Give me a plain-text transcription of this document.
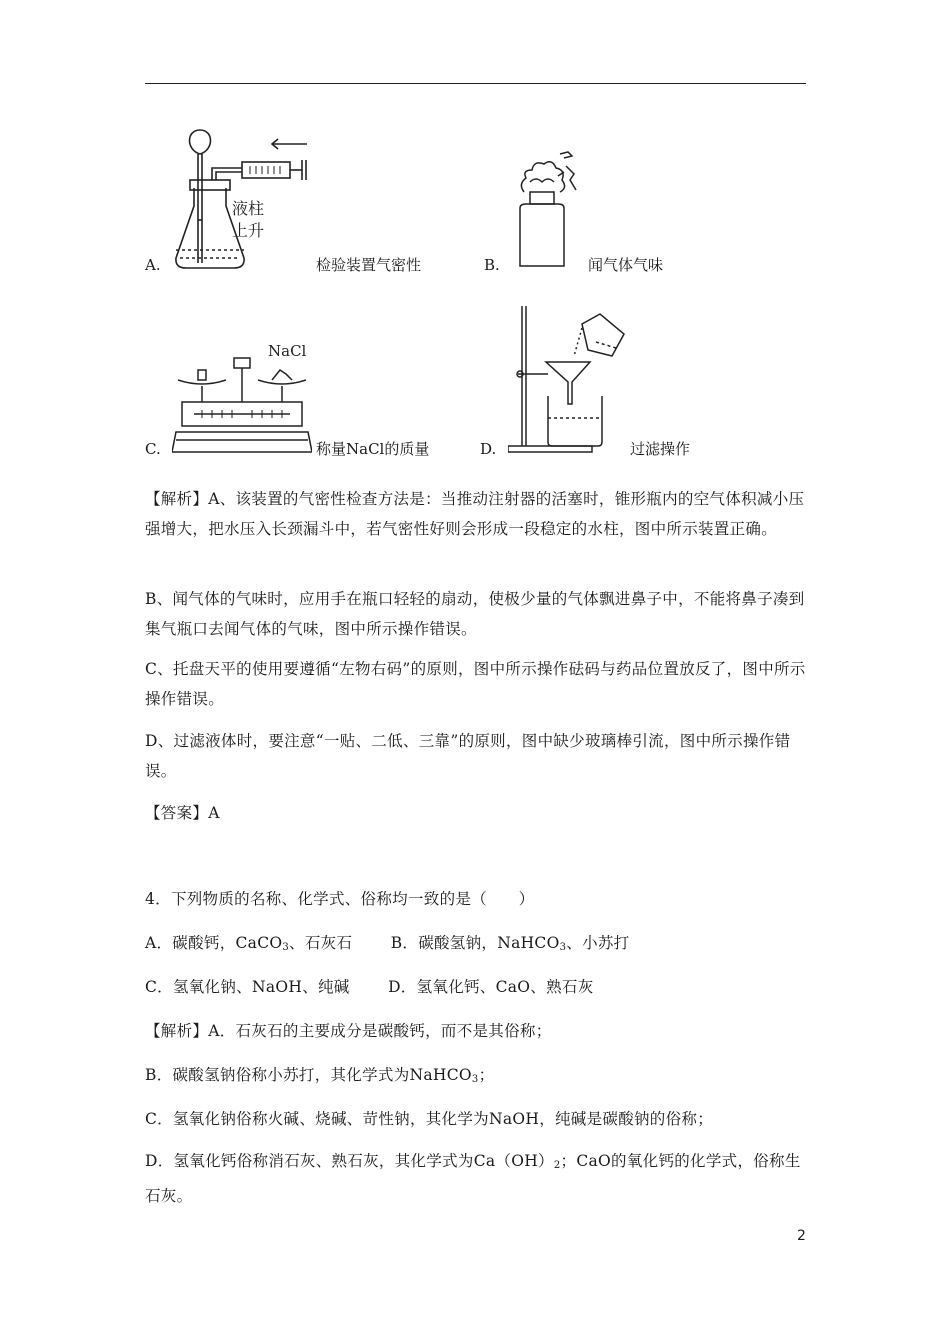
A.
液柱
上升
检验装置气密性	B.	闻气体气味
C.
NaCl
称量NaCl的质量	D.	过滤操作
【解析】A、该装置的气密性检查方法是：当推动注射器的活塞时，锥形瓶内的空气体积减小压强增大，把水压入长颈漏斗中，若气密性好则会形成一段稳定的水柱，图中所示装置正确。
B、闻气体的气味时，应用手在瓶口轻轻的扇动，使极少量的气体飘进鼻子中，不能将鼻子凑到集气瓶口去闻气体的气味，图中所示操作错误。
C、托盘天平的使用要遵循“左物右码”的原则，图中所示操作砝码与药品位置放反了，图中所示操作错误。
D、过滤液体时，要注意“一贴、二低、三靠”的原则，图中缺少玻璃棒引流，图中所示操作错误。
【答案】A
4．下列物质的名称、化学式、俗称均一致的是（　　）
A．碳酸钙，CaCO$_3$、石灰石 B．碳酸氢钠，NaHCO$_3$、小苏打
C．氢氧化钠、NaOH、纯碱 D．氢氧化钙、CaO、熟石灰
【解析】A．石灰石的主要成分是碳酸钙，而不是其俗称；
B．碳酸氢钠俗称小苏打，其化学式为NaHCO$_3$；
C．氢氧化钠俗称火碱、烧碱、苛性钠，其化学为NaOH，纯碱是碳酸钠的俗称；
D．氢氧化钙俗称消石灰、熟石灰，其化学式为$Ca(OH)_2$；CaO的氧化钙的化学式，俗称生石灰。
2
